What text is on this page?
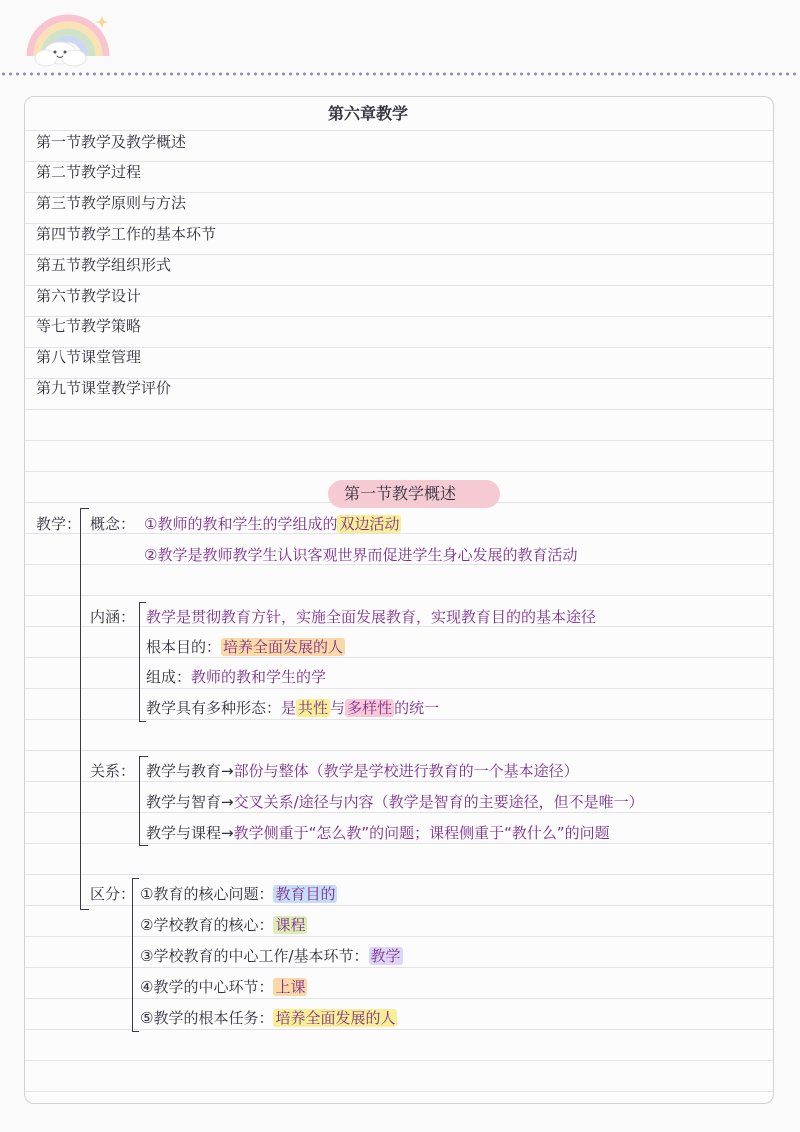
第六章教学
第一节教学及教学概述
第二节教学过程
第三节教学原则与方法
第四节教学工作的基本环节
第五节教学组织形式
第六节教学设计
等七节教学策略
第八节课堂管理
第九节课堂教学评价
第一节教学概述
教学： 概念： ①教师的教和学生的学组成的 双边活动
②教学是教师教学生认识客观世界而促进学生身心发展的教育活动
内涵： 教学是贯彻教育方针，实施全面发展教育，实现教育目的的基本途径
根本目的： 培养全面发展的人
组成：教师的教和学生的学
教学具有多种形态：是 共性 与 多样性 的统一
关系： 教学与教育→部份与整体（教学是学校进行教育的一个基本途径）
教学与智育→交叉关系/途径与内容（教学是智育的主要途径，但不是唯一）
教学与课程→教学侧重于“怎么教”的问题；课程侧重于“教什么”的问题
区分： ①教育的核心问题： 教育目的
②学校教育的核心： 课程
③学校教育的中心工作/基本环节： 教学
④教学的中心环节： 上课
⑤教学的根本任务： 培养全面发展的人
